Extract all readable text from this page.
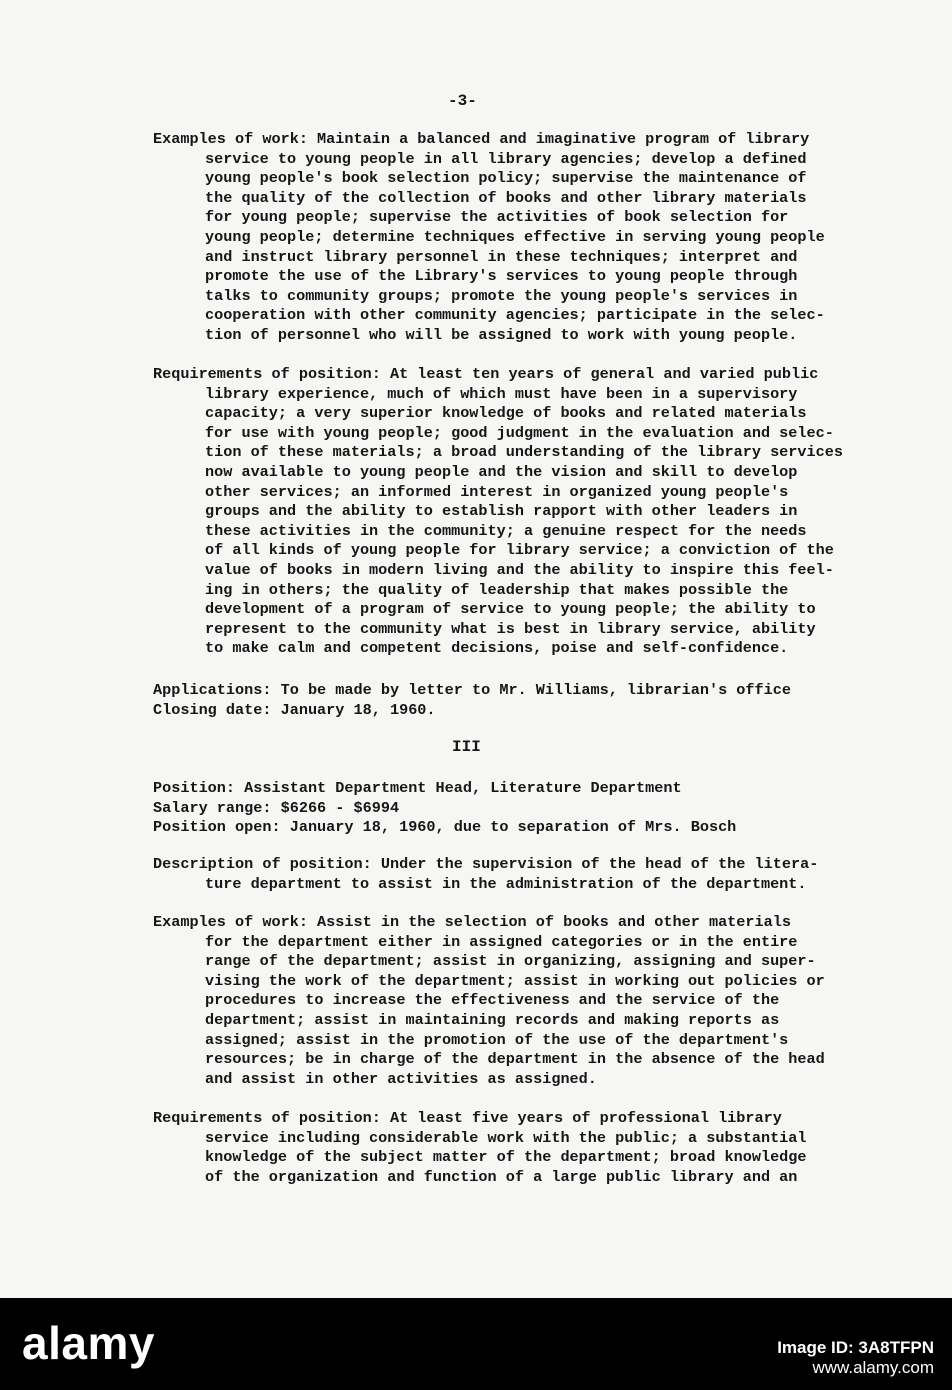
-3-
Examples of work: Maintain a balanced and imaginative program of library
service to young people in all library agencies; develop a defined
young people's book selection policy; supervise the maintenance of
the quality of the collection of books and other library materials
for young people; supervise the activities of book selection for
young people; determine techniques effective in serving young people
and instruct library personnel in these techniques; interpret and
promote the use of the Library's services to young people through
talks to community groups; promote the young people's services in
cooperation with other community agencies; participate in the selec-
tion of personnel who will be assigned to work with young people.
Requirements of position: At least ten years of general and varied public
library experience, much of which must have been in a supervisory
capacity; a very superior knowledge of books and related materials
for use with young people; good judgment in the evaluation and selec-
tion of these materials; a broad understanding of the library services
now available to young people and the vision and skill to develop
other services; an informed interest in organized young people's
groups and the ability to establish rapport with other leaders in
these activities in the community; a genuine respect for the needs
of all kinds of young people for library service; a conviction of the
value of books in modern living and the ability to inspire this feel-
ing in others; the quality of leadership that makes possible the
development of a program of service to young people; the ability to
represent to the community what is best in library service, ability
to make calm and competent decisions, poise and self-confidence.
Applications: To be made by letter to Mr. Williams, librarian's office
Closing date: January 18, 1960.
III
Position: Assistant Department Head, Literature Department
Salary range: $6266 - $6994
Position open: January 18, 1960, due to separation of Mrs. Bosch
Description of position: Under the supervision of the head of the litera-
ture department to assist in the administration of the department.
Examples of work: Assist in the selection of books and other materials
for the department either in assigned categories or in the entire
range of the department; assist in organizing, assigning and super-
vising the work of the department; assist in working out policies or
procedures to increase the effectiveness and the service of the
department; assist in maintaining records and making reports as
assigned; assist in the promotion of the use of the department's
resources; be in charge of the department in the absence of the head
and assist in other activities as assigned.
Requirements of position: At least five years of professional library
service including considerable work with the public; a substantial
knowledge of the subject matter of the department; broad knowledge
of the organization and function of a large public library and an
alamy	Image ID: 3A8TFPN
www.alamy.com
